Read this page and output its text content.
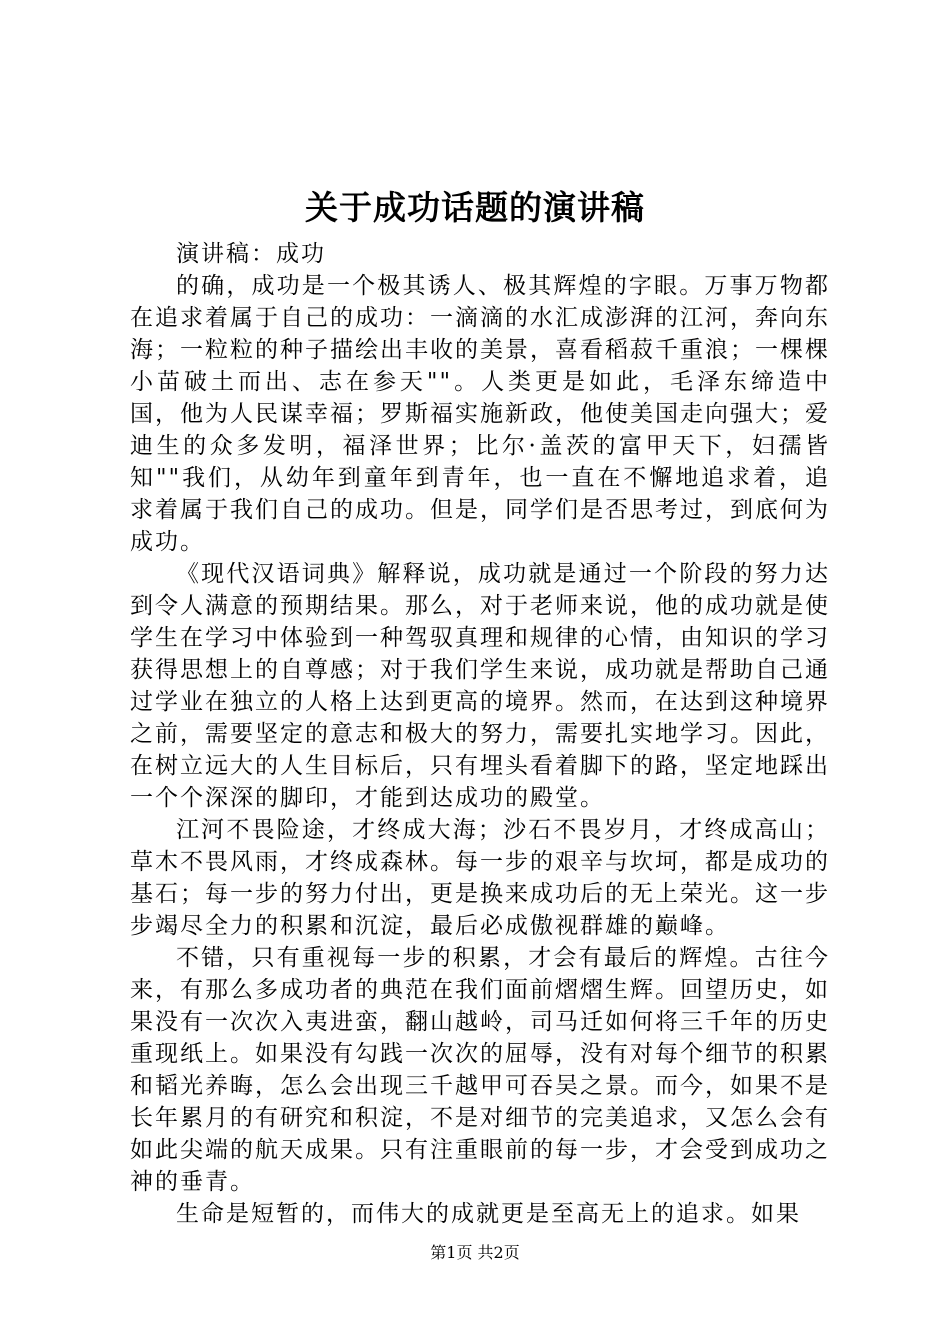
关于成功话题的演讲稿

演讲稿：成功

的确，成功是一个极其诱人、极其辉煌的字眼。万事万物都在追求着属于自己的成功：一滴滴的水汇成澎湃的江河，奔向东海；一粒粒的种子描绘出丰收的美景，喜看稻菽千重浪；一棵棵小苗破土而出、志在参天""。人类更是如此，毛泽东缔造中国，他为人民谋幸福；罗斯福实施新政，他使美国走向强大；爱迪生的众多发明，福泽世界；比尔·盖茨的富甲天下，妇孺皆知""我们，从幼年到童年到青年，也一直在不懈地追求着，追求着属于我们自己的成功。但是，同学们是否思考过，到底何为成功。

《现代汉语词典》解释说，成功就是通过一个阶段的努力达到令人满意的预期结果。那么，对于老师来说，他的成功就是使学生在学习中体验到一种驾驭真理和规律的心情，由知识的学习获得思想上的自尊感；对于我们学生来说，成功就是帮助自己通过学业在独立的人格上达到更高的境界。然而，在达到这种境界之前，需要坚定的意志和极大的努力，需要扎实地学习。因此，在树立远大的人生目标后，只有埋头看着脚下的路，坚定地踩出一个个深深的脚印，才能到达成功的殿堂。

江河不畏险途，才终成大海；沙石不畏岁月，才终成高山；草木不畏风雨，才终成森林。每一步的艰辛与坎坷，都是成功的基石；每一步的努力付出，更是换来成功后的无上荣光。这一步步竭尽全力的积累和沉淀，最后必成傲视群雄的巅峰。

不错，只有重视每一步的积累，才会有最后的辉煌。古往今来，有那么多成功者的典范在我们面前熠熠生辉。回望历史，如果没有一次次入夷进蛮，翻山越岭，司马迁如何将三千年的历史重现纸上。如果没有勾践一次次的屈辱，没有对每个细节的积累和韬光养晦，怎么会出现三千越甲可吞吴之景。而今，如果不是长年累月的有研究和积淀，不是对细节的完美追求，又怎么会有如此尖端的航天成果。只有注重眼前的每一步，才会受到成功之神的垂青。

生命是短暂的，而伟大的成就更是至高无上的追求。如果

第1页 共2页
